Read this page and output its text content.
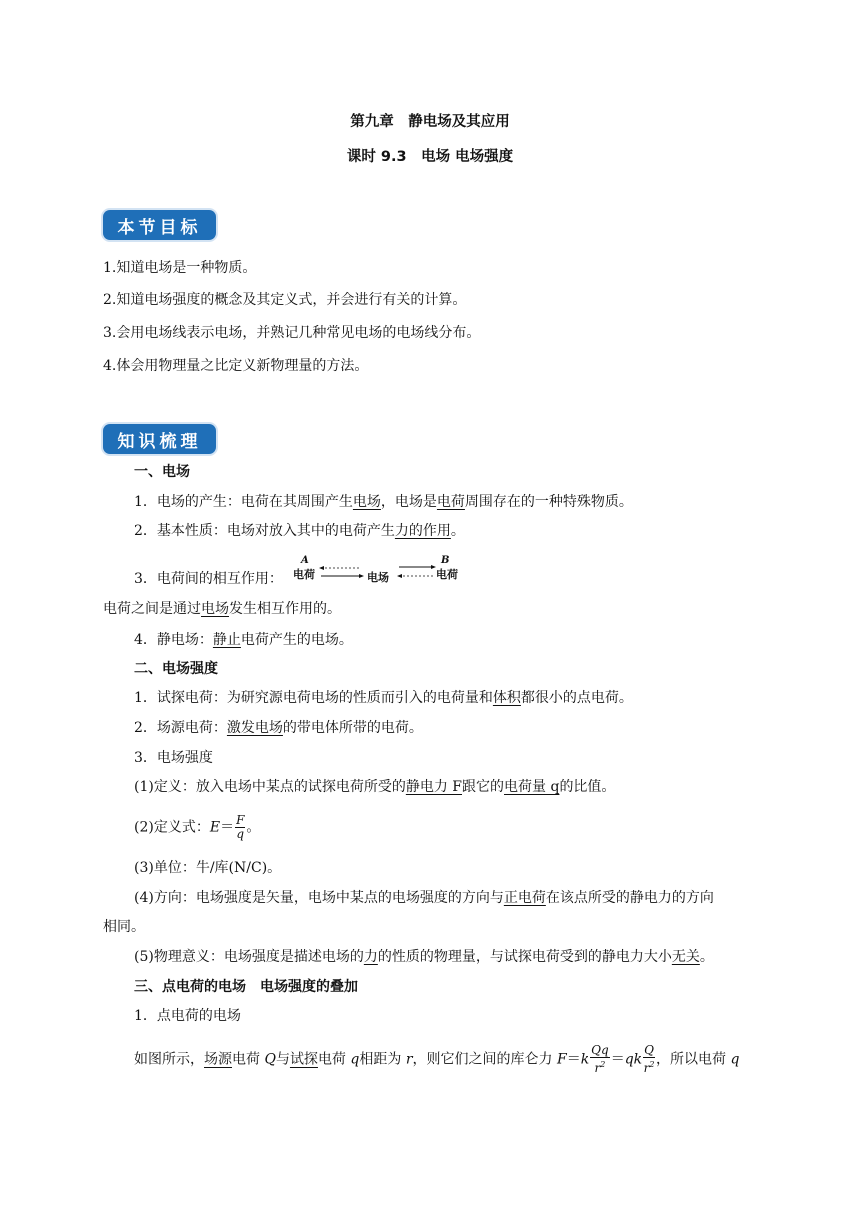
第九章　静电场及其应用
课时 9.3　电场 电场强度
本节目标
1.知道电场是一种物质。
2.知道电场强度的概念及其定义式，并会进行有关的计算。
3.会用电场线表示电场，并熟记几种常见电场的电场线分布。
4.体会用物理量之比定义新物理量的方法。
知识梳理
一、电场
1．电场的产生：电荷在其周围产生电场，电场是电荷周围存在的一种特殊物质。
2．基本性质：电场对放入其中的电荷产生力的作用。
3．电荷间的相互作用：
A	B
电荷	电场	电荷
电荷之间是通过电场发生相互作用的。
4．静电场：静止电荷产生的电场。
二、电场强度
1．试探电荷：为研究源电荷电场的性质而引入的电荷量和体积都很小的点电荷。
2．场源电荷：激发电场的带电体所带的电荷。
3．电场强度
(1)定义：放入电场中某点的试探电荷所受的静电力 F跟它的电荷量 q的比值。
(2)定义式：$E= \frac{F}{q}$ 。
(3)单位：牛/库(N/C)。
(4)方向：电场强度是矢量，电场中某点的电场强度的方向与正电荷在该点所受的静电力的方向
相同。
(5)物理意义：电场强度是描述电场的力的性质的物理量，与试探电荷受到的静电力大小无关。
三、点电荷的电场　电场强度的叠加
1．点电荷的电场
如图所示，场源电荷 Q与试探电荷 q相距为 r，则它们之间的库仑力 $F=k \frac{Qq}{r^2} =qk \frac{Q}{r^2}$ ，所以电荷 q
